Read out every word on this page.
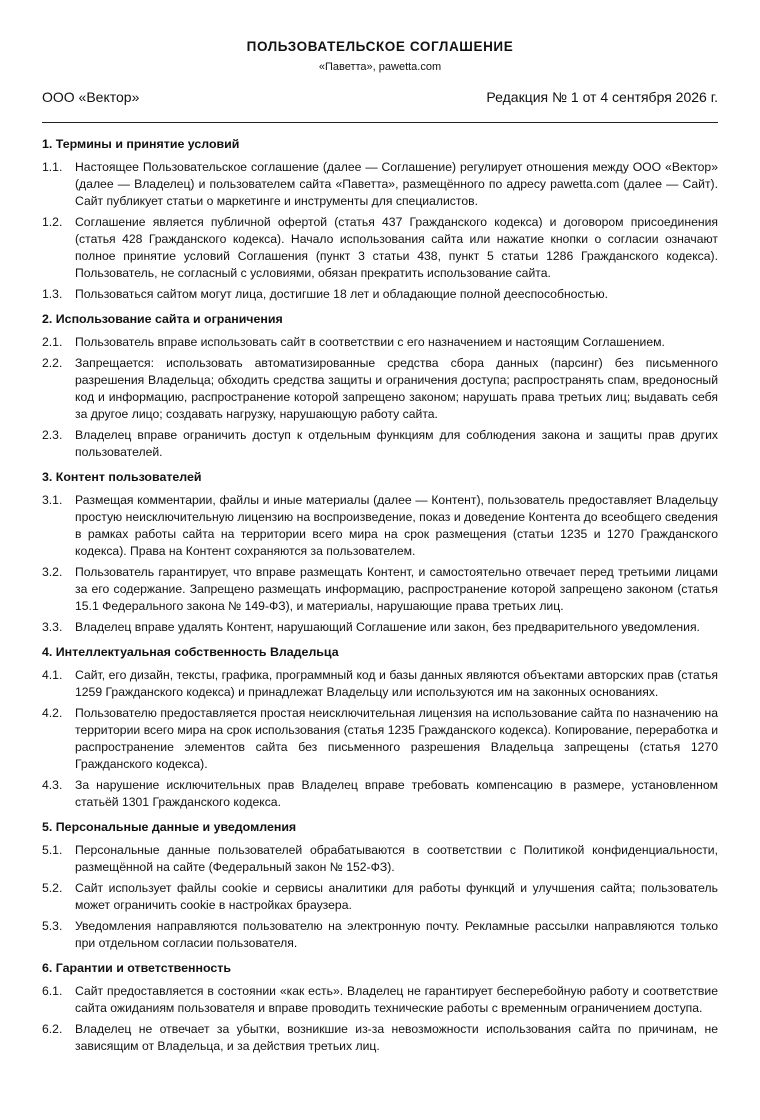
ПОЛЬЗОВАТЕЛЬСКОЕ СОГЛАШЕНИЕ
«Паветта», pawetta.com
ООО «Вектор»	Редакция № 1 от 4 сентября 2026 г.
1. Термины и принятие условий
1.1.	Настоящее Пользовательское соглашение (далее — Соглашение) регулирует отношения между ООО «Вектор» (далее — Владелец) и пользователем сайта «Паветта», размещённого по адресу pawetta.com (далее — Сайт). Сайт публикует статьи о маркетинге и инструменты для специалистов.
1.2.	Соглашение является публичной офертой (статья 437 Гражданского кодекса) и договором присоединения (статья 428 Гражданского кодекса). Начало использования сайта или нажатие кнопки о согласии означают полное принятие условий Соглашения (пункт 3 статьи 438, пункт 5 статьи 1286 Гражданского кодекса). Пользователь, не согласный с условиями, обязан прекратить использование сайта.
1.3.	Пользоваться сайтом могут лица, достигшие 18 лет и обладающие полной дееспособностью.
2. Использование сайта и ограничения
2.1.	Пользователь вправе использовать сайт в соответствии с его назначением и настоящим Соглашением.
2.2.	Запрещается: использовать автоматизированные средства сбора данных (парсинг) без письменного разрешения Владельца; обходить средства защиты и ограничения доступа; распространять спам, вредоносный код и информацию, распространение которой запрещено законом; нарушать права третьих лиц; выдавать себя за другое лицо; создавать нагрузку, нарушающую работу сайта.
2.3.	Владелец вправе ограничить доступ к отдельным функциям для соблюдения закона и защиты прав других пользователей.
3. Контент пользователей
3.1.	Размещая комментарии, файлы и иные материалы (далее — Контент), пользователь предоставляет Владельцу простую неисключительную лицензию на воспроизведение, показ и доведение Контента до всеобщего сведения в рамках работы сайта на территории всего мира на срок размещения (статьи 1235 и 1270 Гражданского кодекса). Права на Контент сохраняются за пользователем.
3.2.	Пользователь гарантирует, что вправе размещать Контент, и самостоятельно отвечает перед третьими лицами за его содержание. Запрещено размещать информацию, распространение которой запрещено законом (статья 15.1 Федерального закона № 149-ФЗ), и материалы, нарушающие права третьих лиц.
3.3.	Владелец вправе удалять Контент, нарушающий Соглашение или закон, без предварительного уведомления.
4. Интеллектуальная собственность Владельца
4.1.	Сайт, его дизайн, тексты, графика, программный код и базы данных являются объектами авторских прав (статья 1259 Гражданского кодекса) и принадлежат Владельцу или используются им на законных основаниях.
4.2.	Пользователю предоставляется простая неисключительная лицензия на использование сайта по назначению на территории всего мира на срок использования (статья 1235 Гражданского кодекса). Копирование, переработка и распространение элементов сайта без письменного разрешения Владельца запрещены (статья 1270 Гражданского кодекса).
4.3.	За нарушение исключительных прав Владелец вправе требовать компенсацию в размере, установленном статьёй 1301 Гражданского кодекса.
5. Персональные данные и уведомления
5.1.	Персональные данные пользователей обрабатываются в соответствии с Политикой конфиденциальности, размещённой на сайте (Федеральный закон № 152-ФЗ).
5.2.	Сайт использует файлы cookie и сервисы аналитики для работы функций и улучшения сайта; пользователь может ограничить cookie в настройках браузера.
5.3.	Уведомления направляются пользователю на электронную почту. Рекламные рассылки направляются только при отдельном согласии пользователя.
6. Гарантии и ответственность
6.1.	Сайт предоставляется в состоянии «как есть». Владелец не гарантирует бесперебойную работу и соответствие сайта ожиданиям пользователя и вправе проводить технические работы с временным ограничением доступа.
6.2.	Владелец не отвечает за убытки, возникшие из-за невозможности использования сайта по причинам, не зависящим от Владельца, и за действия третьих лиц.
